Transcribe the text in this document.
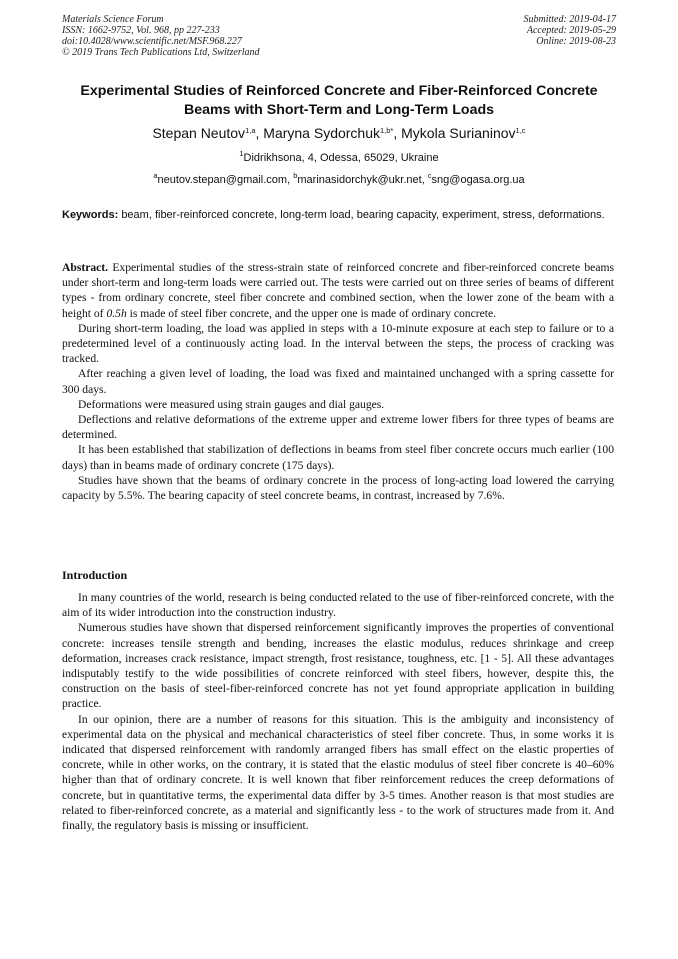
Materials Science Forum
ISSN: 1662-9752, Vol. 968, pp 227-233
doi:10.4028/www.scientific.net/MSF.968.227
© 2019 Trans Tech Publications Ltd, Switzerland
Submitted: 2019-04-17
Accepted: 2019-05-29
Online: 2019-08-23
Experimental Studies of Reinforced Concrete and Fiber-Reinforced Concrete Beams with Short-Term and Long-Term Loads
Stepan Neutov$^{1,a}$, Maryna Sydorchuk$^{1,b*}$, Mykola Surianinov$^{1,c}$
$^1$Didrikhsona, 4, Odessa, 65029, Ukraine
$^a$neutov.stepan@gmail.com, $^b$marinasidorchyk@ukr.net, $^c$sng@ogasa.org.ua
Keywords: beam, fiber-reinforced concrete, long-term load, bearing capacity, experiment, stress, deformations.

Abstract. Experimental studies of the stress-strain state of reinforced concrete and fiber-reinforced concrete beams under short-term and long-term loads were carried out. The tests were carried out on three series of beams of different types - from ordinary concrete, steel fiber concrete and combined section, when the lower zone of the beam with a height of 0.5h is made of steel fiber concrete, and the upper one is made of ordinary concrete.

During short-term loading, the load was applied in steps with a 10-minute exposure at each step to failure or to a predetermined level of a continuously acting load. In the interval between the steps, the process of cracking was tracked.

After reaching a given level of loading, the load was fixed and maintained unchanged with a spring cassette for 300 days.

Deformations were measured using strain gauges and dial gauges.

Deflections and relative deformations of the extreme upper and extreme lower fibers for three types of beams are determined.

It has been established that stabilization of deflections in beams from steel fiber concrete occurs much earlier (100 days) than in beams made of ordinary concrete (175 days).

Studies have shown that the beams of ordinary concrete in the process of long-acting load lowered the carrying capacity by 5.5%. The bearing capacity of steel concrete beams, in contrast, increased by 7.6%.

Introduction

In many countries of the world, research is being conducted related to the use of fiber-reinforced concrete, with the aim of its wider introduction into the construction industry.

Numerous studies have shown that dispersed reinforcement significantly improves the properties of conventional concrete: increases tensile strength and bending, increases the elastic modulus, reduces shrinkage and creep deformation, increases crack resistance, impact strength, frost resistance, toughness, etc. [1 - 5]. All these advantages indisputably testify to the wide possibilities of concrete reinforced with steel fibers, however, despite this, the construction on the basis of steel-fiber-reinforced concrete has not yet found appropriate application in building practice.

In our opinion, there are a number of reasons for this situation. This is the ambiguity and inconsistency of experimental data on the physical and mechanical characteristics of steel fiber concrete. Thus, in some works it is indicated that dispersed reinforcement with randomly arranged fibers has small effect on the elastic properties of concrete, while in other works, on the contrary, it is stated that the elastic modulus of steel fiber concrete is 40–60% higher than that of ordinary concrete. It is well known that fiber reinforcement reduces the creep deformations of concrete, but in quantitative terms, the experimental data differ by 3-5 times. Another reason is that most studies are related to fiber-reinforced concrete, as a material and significantly less - to the work of structures made from it. And finally, the regulatory basis is missing or insufficient.
